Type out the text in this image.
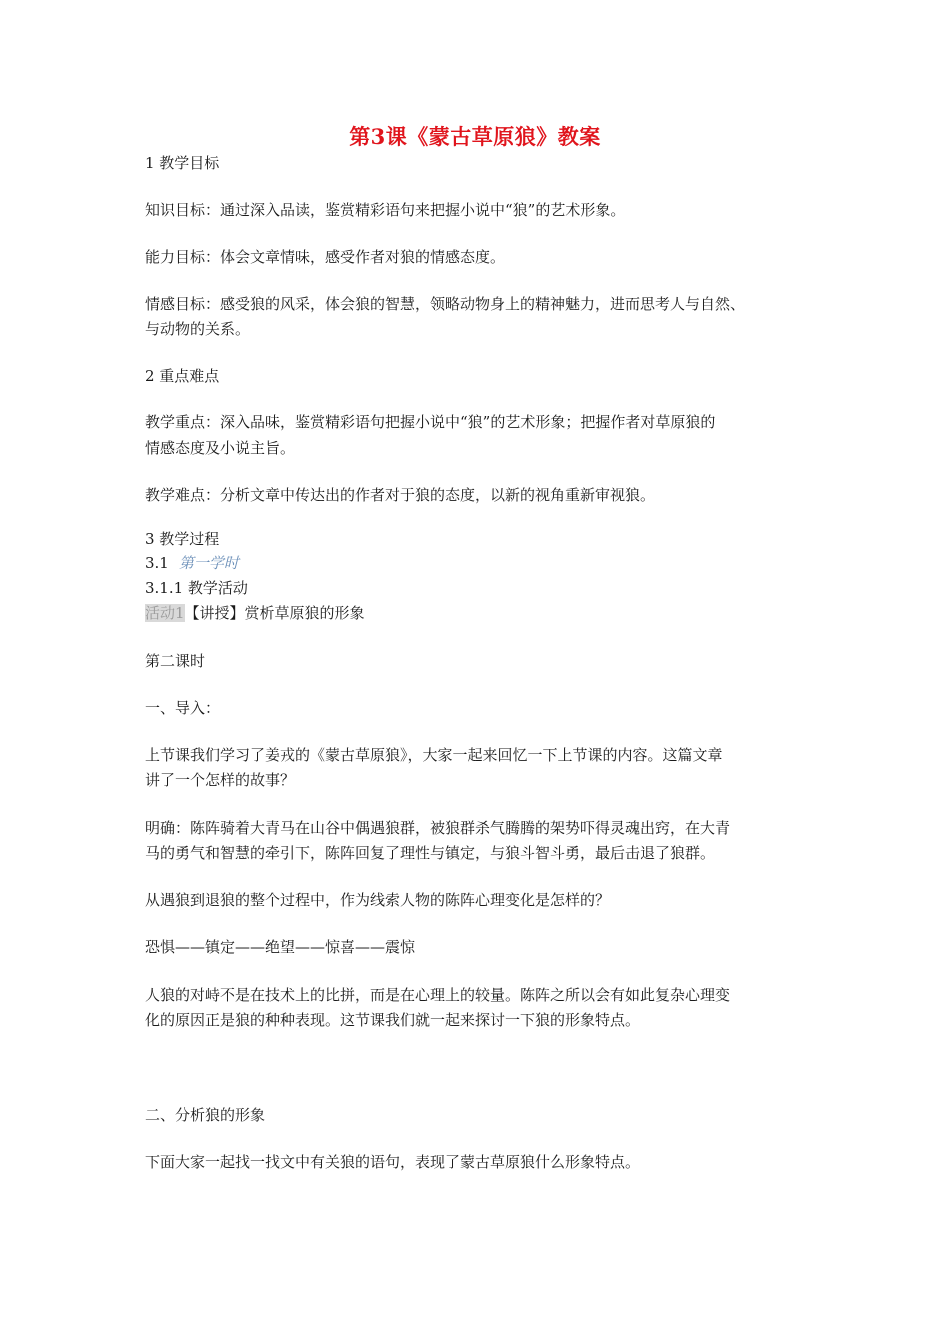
第3课《蒙古草原狼》教案
1 教学目标
知识目标：通过深入品读，鉴赏精彩语句来把握小说中“狼”的艺术形象。
能力目标：体会文章情味，感受作者对狼的情感态度。
情感目标：感受狼的风采，体会狼的智慧，领略动物身上的精神魅力，进而思考人与自然、
与动物的关系。
2 重点难点
教学重点：深入品味，鉴赏精彩语句把握小说中“狼”的艺术形象；把握作者对草原狼的
情感态度及小说主旨。
教学难点：分析文章中传达出的作者对于狼的态度，以新的视角重新审视狼。
3 教学过程
3.1 第一学时
3.1.1 教学活动
活动1【讲授】赏析草原狼的形象
第二课时
一、导入：
上节课我们学习了姜戎的《蒙古草原狼》，大家一起来回忆一下上节课的内容。这篇文章
讲了一个怎样的故事？
明确：陈阵骑着大青马在山谷中偶遇狼群，被狼群杀气腾腾的架势吓得灵魂出窍，在大青
马的勇气和智慧的牵引下，陈阵回复了理性与镇定，与狼斗智斗勇，最后击退了狼群。
从遇狼到退狼的整个过程中，作为线索人物的陈阵心理变化是怎样的？
恐惧——镇定——绝望——惊喜——震惊
人狼的对峙不是在技术上的比拼，而是在心理上的较量。陈阵之所以会有如此复杂心理变
化的原因正是狼的种种表现。这节课我们就一起来探讨一下狼的形象特点。
二、分析狼的形象
下面大家一起找一找文中有关狼的语句，表现了蒙古草原狼什么形象特点。
